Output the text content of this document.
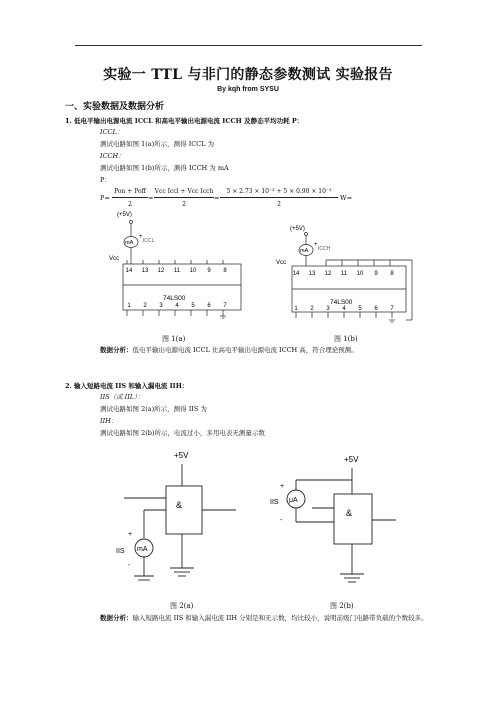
实验一 TTL 与非门的静态参数测试 实验报告
By kqh from SYSU
一、实验数据及数据分析
1. 低电平输出电源电流 ICCL 和高电平输出电源电流 ICCH 及静态平均功耗 P：
ICCL：
测试电路如图 1(a)所示，测得 ICCL 为
ICCH：
测试电路如图 1(b)所示，测得 ICCH 为 mA
P：
P=
Pon + Poff
2
=
Vcc Iccl + Vcc Icch
2
=
5 × 2.73 × 10⁻³ + 5 × 0.90 × 10⁻³
2
W=
(+5V)
mA
+
ICCL
Vcc
74LS00
14 13 12 11 10 9 8
1 2 3 4 5 6 7
(+5V)
mA
+
ICCH
Vcc
74LS00
14 13 12 11 10 9 8
1 2 3 4 5 6 7
图 1(a)	图 1(b)
数据分析：低电平输出电源电流 ICCL 比高电平输出电源电流 ICCH 高，符合理论预测。
2. 输入短路电流 IIS 和输入漏电流 IIH：
IIS（或 IIL）：
测试电路如图 2(a)所示，测得 IIS 为
IIH：
测试电路如图 2(b)所示，电流过小，多用电表无测量示数
+5V
&
mA
+
-
IIS
+5V
&
μA
+
-
IIS
图 2(a)	图 2(b)
数据分析：输入短路电流 IIS 和输入漏电流 IIH 分别是和无示数，均比较小，说明前级门电路带负载的个数较多。
